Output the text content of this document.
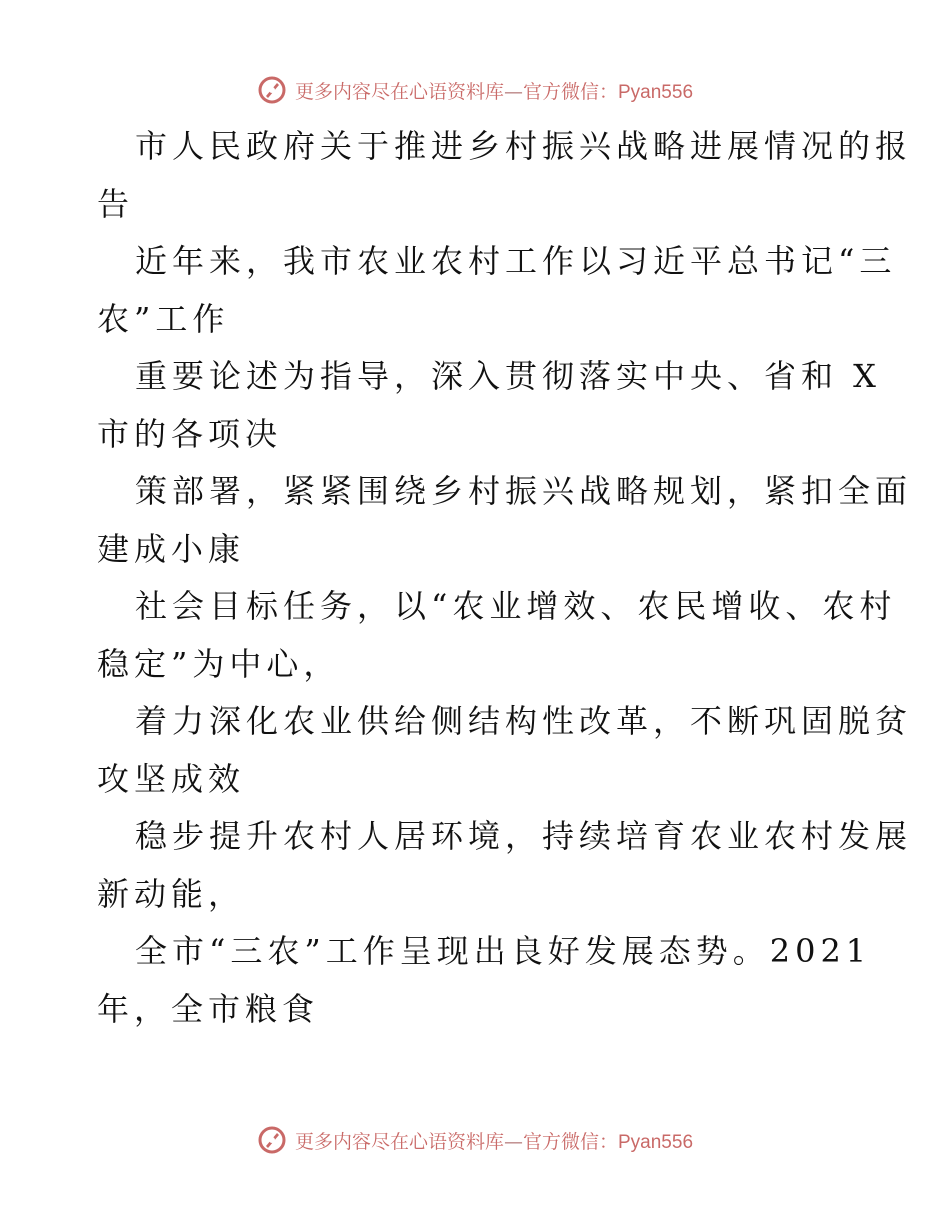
更多内容尽在心语资料库—官方微信：Pyan556
市人民政府关于推进乡村振兴战略进展情况的报
告
近年来，我市农业农村工作以习近平总书记“三
农”工作
重要论述为指导，深入贯彻落实中央、省和 X
市的各项决
策部署，紧紧围绕乡村振兴战略规划，紧扣全面
建成小康
社会目标任务，以“农业增效、农民增收、农村
稳定”为中心，
着力深化农业供给侧结构性改革，不断巩固脱贫
攻坚成效
稳步提升农村人居环境，持续培育农业农村发展
新动能，
全市“三农”工作呈现出良好发展态势。2021
年，全市粮食
更多内容尽在心语资料库—官方微信：Pyan556
